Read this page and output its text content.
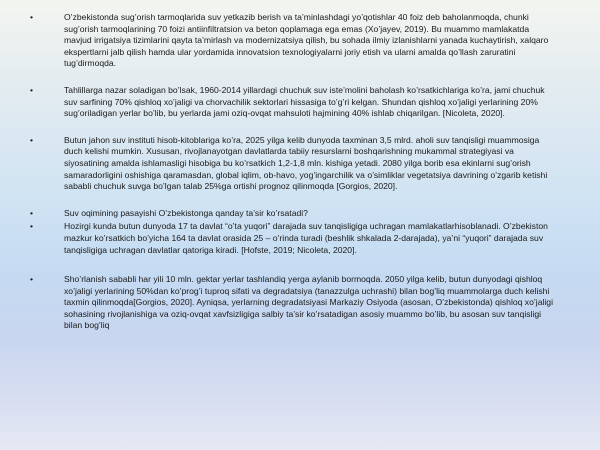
•	O’zbekistonda sug’orish tarmoqlarida suv yetkazib berish va ta’minlashdagi yo’qotishlar 40 foiz deb baholanmoqda, chunki sug’orish tarmoqlarining 70 foizi antiinfiltratsion va beton qoplamaga ega emas (Xo’jayev, 2019). Bu muammo mamlakatda mavjud irrigatsiya tizimlarini qayta ta’mirlash va modernizatsiya qilish, bu sohada ilmiy izlanishlarni yanada kuchaytirish, xalqaro ekspertlarni jalb qilish hamda ular yordamida innovatsion texnologiyalarni joriy etish va ularni amalda qo’llash zaruratini tug’dirmoqda.
•	Tahlillarga nazar soladigan bo’lsak, 1960-2014 yillardagi chuchuk suv iste’molini baholash ko’rsatkichlariga ko’ra, jami chuchuk suv sarfining 70% qishloq xo’jaligi va chorvachilik sektorlari hissasiga to’g’ri kelgan. Shundan qishloq xo’jaligi yerlarining 20% sug’oriladigan yerlar bo’lib, bu yerlarda jami oziq-ovqat mahsuloti hajmining 40% ishlab chiqarilgan. [Nicoleta, 2020].
•	Butun jahon suv instituti hisob-kitoblariga ko’ra, 2025 yilga kelib dunyoda taxminan 3,5 mlrd. aholi suv tanqisligi muammosiga duch kelishi mumkin. Xususan, rivojlanayotgan davlatlarda tabiiy resurslarni boshqarishning mukammal strategiyasi va siyosatining amalda ishlamasligi hisobiga bu ko’rsatkich 1,2-1,8 mln. kishiga yetadi. 2080 yilga borib esa ekinlarni sug’orish samaradorligini oshishiga qaramasdan, global iqlim, ob-havo, yog’ingarchilik va o’simliklar vegetatsiya davrining o’zgarib ketishi sababli chuchuk suvga bo’lgan talab 25%ga ortishi prognoz qilinmoqda [Gorgios, 2020].
•	Suv oqimining pasayishi O’zbekistonga qanday ta’sir ko’rsatadi?
•	Hozirgi kunda butun dunyoda 17 ta davlat “o’ta yuqori” darajada suv tanqisligiga uchragan mamlakatlarhisoblanadi. O’zbekiston mazkur ko’rsatkich bo’yicha 164 ta davlat orasida 25 – o’rinda turadi (beshlik shkalada 2-darajada), ya’ni “yuqori” darajada suv tanqisligiga uchragan davlatlar qatoriga kiradi. [Hofste, 2019; Nicoleta, 2020].
•	Sho’rlanish sababli har yili 10 mln. gektar yerlar tashlandiq yerga aylanib bormoqda. 2050 yilga kelib, butun dunyodagi qishloq xo’jaligi yerlarining 50%dan ko’prog’i tuproq sifati va degradatsiya (tanazzulga uchrashi) bilan bog’liq muammolarga duch kelishi taxmin qilinmoqda[Gorgios, 2020]. Ayniqsa, yerlarning degradatsiyasi Markaziy Osiyoda (asosan, O’zbekistonda) qishloq xo’jaligi sohasining rivojlanishiga va oziq-ovqat xavfsizligiga salbiy ta’sir ko’rsatadigan asosiy muammo bo’lib, bu asosan suv tanqisligi bilan bog’liq
